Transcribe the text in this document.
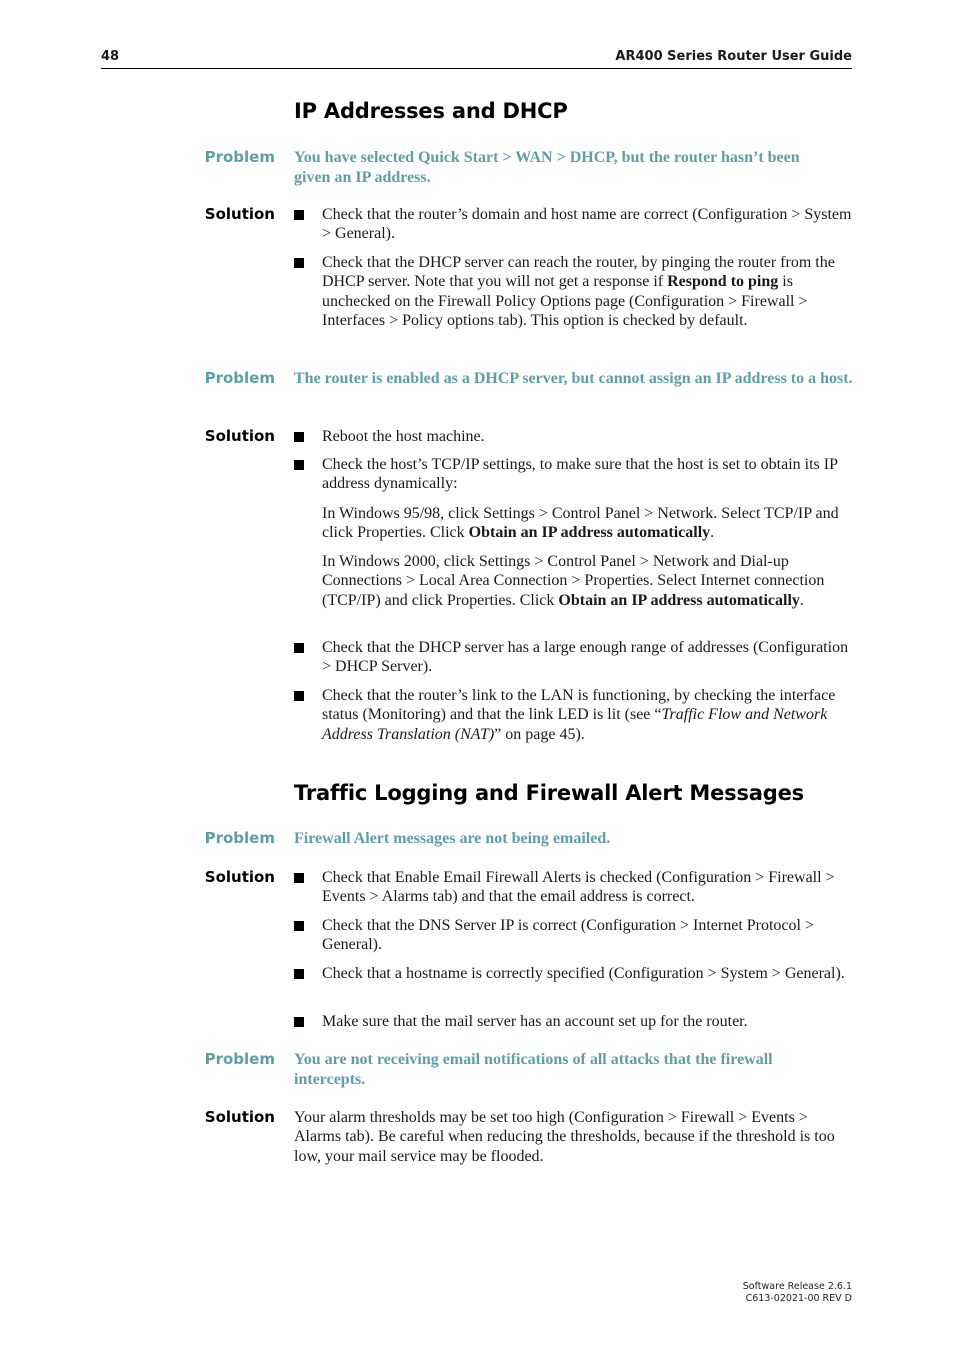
48	AR400 Series Router User Guide
IP Addresses and DHCP
Problem You have selected Quick Start > WAN > DHCP, but the router hasn’t been given an IP address.
Solution	Check that the router’s domain and host name are correct (Configuration > System > General).
Check that the DHCP server can reach the router, by pinging the router from the DHCP server. Note that you will not get a response if Respond to ping is unchecked on the Firewall Policy Options page (Configuration > Firewall > Interfaces > Policy options tab). This option is checked by default.
Problem The router is enabled as a DHCP server, but cannot assign an IP address to a host.
Solution	Reboot the host machine.
Check the host’s TCP/IP settings, to make sure that the host is set to obtain its IP address dynamically:
In Windows 95/98, click Settings > Control Panel > Network. Select TCP/IP and click Properties. Click Obtain an IP address automatically.
In Windows 2000, click Settings > Control Panel > Network and Dial-up Connections > Local Area Connection > Properties. Select Internet connection (TCP/IP) and click Properties. Click Obtain an IP address automatically.
Check that the DHCP server has a large enough range of addresses (Configuration > DHCP Server).
Check that the router’s link to the LAN is functioning, by checking the interface status (Monitoring) and that the link LED is lit (see “Traffic Flow and Network Address Translation (NAT)” on page 45).
Traffic Logging and Firewall Alert Messages
Problem Firewall Alert messages are not being emailed.
Solution	Check that Enable Email Firewall Alerts is checked (Configuration > Firewall > Events > Alarms tab) and that the email address is correct.
Check that the DNS Server IP is correct (Configuration > Internet Protocol > General).
Check that a hostname is correctly specified (Configuration > System > General).
Make sure that the mail server has an account set up for the router.
Problem You are not receiving email notifications of all attacks that the firewall intercepts.
Solution Your alarm thresholds may be set too high (Configuration > Firewall > Events > Alarms tab). Be careful when reducing the thresholds, because if the threshold is too low, your mail service may be flooded.
Software Release 2.6.1
C613-02021-00 REV D
